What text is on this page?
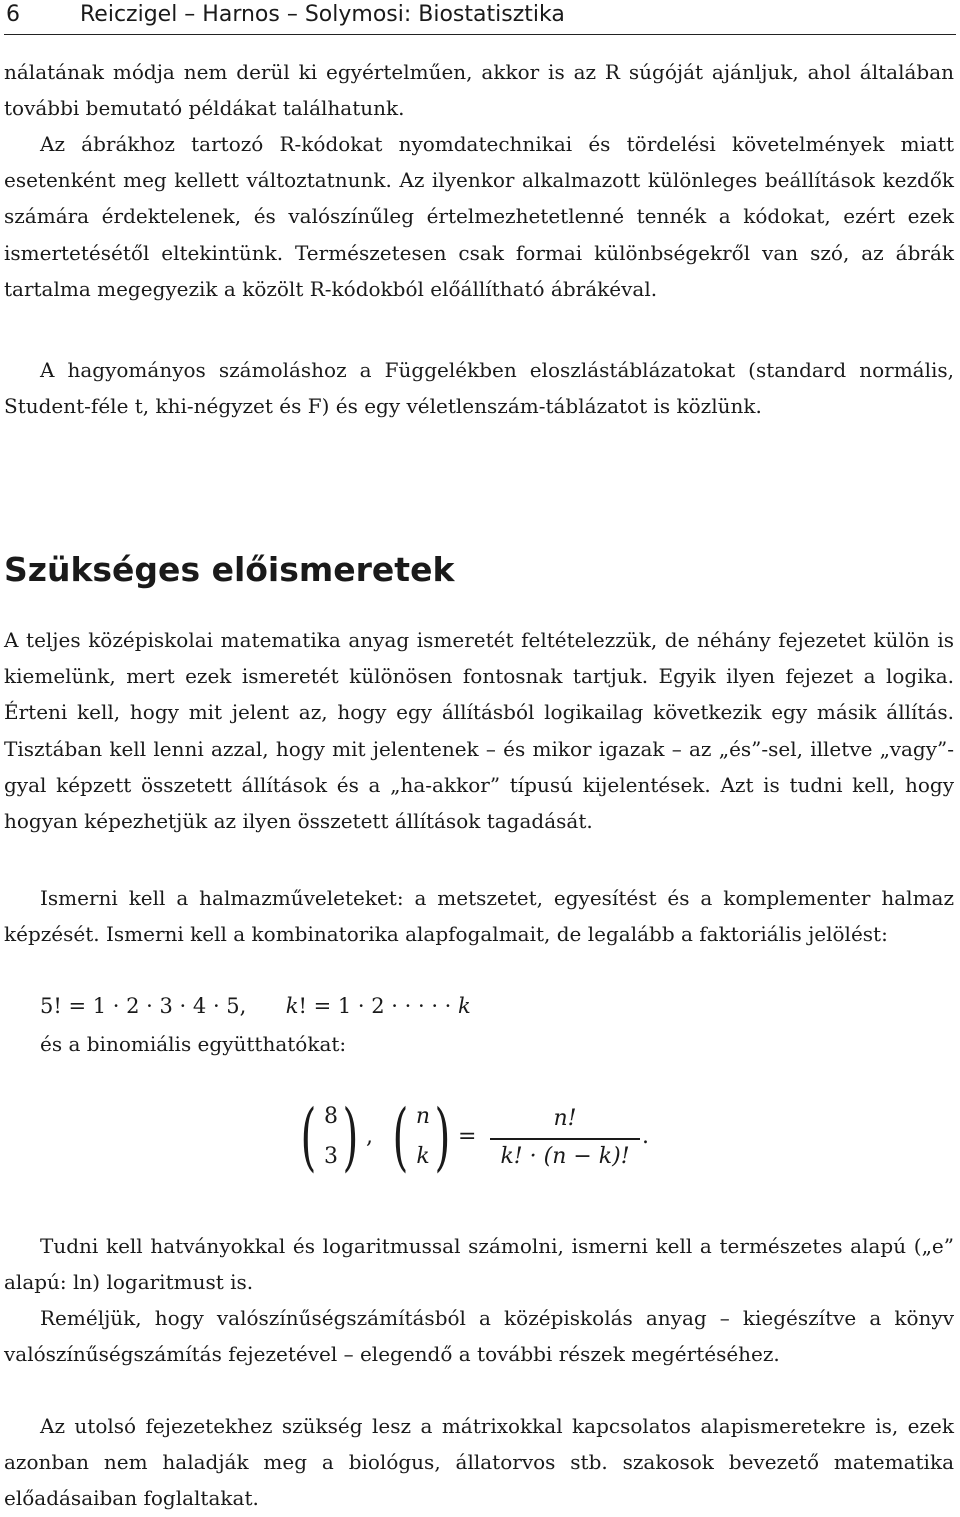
6	Reiczigel – Harnos – Solymosi: Biostatisztika

nálatának módja nem derül ki egyértelműen, akkor is az R súgóját ajánljuk, ahol általában további bemutató példákat találhatunk.

Az ábrákhoz tartozó R-kódokat nyomdatechnikai és tördelési követelmények miatt esetenként meg kellett változtatnunk. Az ilyenkor alkalmazott különleges beállítások kezdők számára érdektelenek, és valószínűleg értelmezhetetlenné tennék a kódokat, ezért ezek ismertetésétől eltekintünk. Természetesen csak formai különbségekről van szó, az ábrák tartalma megegyezik a közölt R-kódokból előállítható ábrákéval.

A hagyományos számoláshoz a Függelékben eloszlástáblázatokat (standard normális, Student-féle t, khi-négyzet és F) és egy véletlenszám-táblázatot is közlünk.

Szükséges előismeretek

A teljes középiskolai matematika anyag ismeretét feltételezzük, de néhány fejezetet külön is kiemelünk, mert ezek ismeretét különösen fontosnak tartjuk. Egyik ilyen fejezet a logika. Érteni kell, hogy mit jelent az, hogy egy állításból logikailag következik egy másik állítás. Tisztában kell lenni azzal, hogy mit jelentenek – és mikor igazak – az „és”-sel, illetve „vagy”-gyal képzett összetett állítások és a „ha-akkor” típusú kijelentések. Azt is tudni kell, hogy hogyan képezhetjük az ilyen összetett állítások tagadását.

Ismerni kell a halmazműveleteket: a metszetet, egyesítést és a komplementer halmaz képzését. Ismerni kell a kombinatorika alapfogalmait, de legalább a faktoriális jelölést:

5! = 1 · 2 · 3 · 4 · 5, k! = 1 · 2 · · · · · k
és a binomiális együtthatókat:
( 8
3 ) , ( n
k ) =
n!
k! · (n − k)!
.

Tudni kell hatványokkal és logaritmussal számolni, ismerni kell a természetes alapú („e” alapú: ln) logaritmust is.

Reméljük, hogy valószínűségszámításból a középiskolás anyag – kiegészítve a könyv valószínűségszámítás fejezetével – elegendő a további részek megértéséhez.

Az utolsó fejezetekhez szükség lesz a mátrixokkal kapcsolatos alapismeretekre is, ezek azonban nem haladják meg a biológus, állatorvos stb. szakosok bevezető matematika előadásaiban foglaltakat.
